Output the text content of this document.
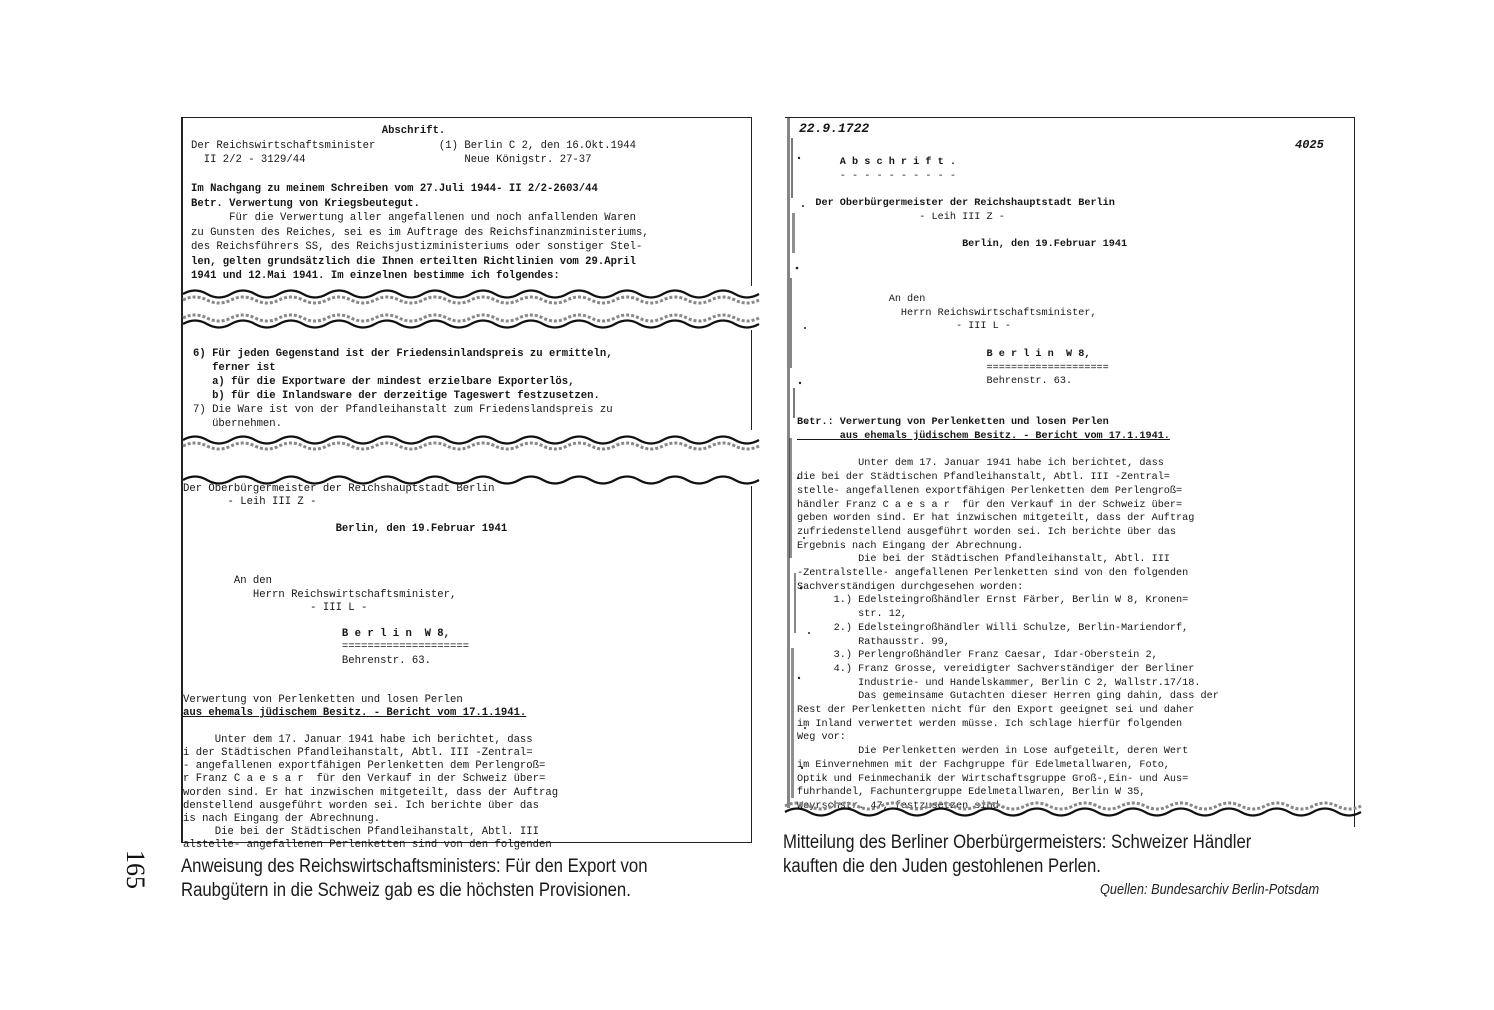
Abschrift.
Der Reichswirtschaftsminister          (1) Berlin C 2, den 16.Okt.1944
II 2/2 - 3129/44                         Neue Königstr. 27-37
Im Nachgang zu meinem Schreiben vom 27.Juli 1944- II 2/2-2603/44
Betr. Verwertung von Kriegsbeutegut.
Für die Verwertung aller angefallenen und noch anfallenden Waren
zu Gunsten des Reiches, sei es im Auftrage des Reichsfinanzministeriums,
des Reichsführers SS, des Reichsjustizministeriums oder sonstiger Stel-
len, gelten grundsätzlich die Ihnen erteilten Richtlinien vom 29.April
1941 und 12.Mai 1941. Im einzelnen bestimme ich folgendes:
6) Für jeden Gegenstand ist der Friedensinlandspreis zu ermitteln,
ferner ist
a) für die Exportware der mindest erzielbare Exporterlös,
b) für die Inlandsware der derzeitige Tageswert festzusetzen.
7) Die Ware ist von der Pfandleihanstalt zum Friedenslandspreis zu
übernehmen.
Der Oberbürgermeister der Reichshauptstadt Berlin
- Leih III Z -
Berlin, den 19.Februar 1941
An den
Herrn Reichswirtschaftsminister,
- III L -
B e r l i n  W 8,
====================
Behrenstr. 63.
Verwertung von Perlenketten und losen Perlen
aus ehemals jüdischem Besitz. - Bericht vom 17.1.1941.
Unter dem 17. Januar 1941 habe ich berichtet, dass
i der Städtischen Pfandleihanstalt, Abtl. III -Zentral=
- angefallenen exportfähigen Perlenketten dem Perlengroß=
r Franz C a e s a r  für den Verkauf in der Schweiz über=
worden sind. Er hat inzwischen mitgeteilt, dass der Auftrag
denstellend ausgeführt worden sei. Ich berichte über das
is nach Eingang der Abrechnung.
Die bei der Städtischen Pfandleihanstalt, Abtl. III
alstelle- angefallenen Perlenketten sind von den folgenden
22.9.1722
4025
A b s c h r i f t .
- - - - - - - - - -
Der Oberbürgermeister der Reichshauptstadt Berlin
- Leih III Z -
Berlin, den 19.Februar 1941
An den
Herrn Reichswirtschaftsminister,
- III L -
B e r l i n  W 8,
====================
Behrenstr. 63.
Betr.: Verwertung von Perlenketten und losen Perlen
aus ehemals jüdischem Besitz. - Bericht vom 17.1.1941.
Unter dem 17. Januar 1941 habe ich berichtet, dass
die bei der Städtischen Pfandleihanstalt, Abtl. III -Zentral=
stelle- angefallenen exportfähigen Perlenketten dem Perlengroß=
händler Franz C a e s a r  für den Verkauf in der Schweiz über=
geben worden sind. Er hat inzwischen mitgeteilt, dass der Auftrag
zufriedenstellend ausgeführt worden sei. Ich berichte über das
Ergebnis nach Eingang der Abrechnung.
Die bei der Städtischen Pfandleihanstalt, Abtl. III
-Zentralstelle- angefallenen Perlenketten sind von den folgenden
Sachverständigen durchgesehen worden:
1.) Edelsteingroßhändler Ernst Färber, Berlin W 8, Kronen=
str. 12,
2.) Edelsteingroßhändler Willi Schulze, Berlin-Mariendorf,
Rathausstr. 99,
3.) Perlengroßhändler Franz Caesar, Idar-Oberstein 2,
4.) Franz Grosse, vereidigter Sachverständiger der Berliner
Industrie- und Handelskammer, Berlin C 2, Wallstr.17/18.
Das gemeinsame Gutachten dieser Herren ging dahin, dass der
Rest der Perlenketten nicht für den Export geeignet sei und daher
im Inland verwertet werden müsse. Ich schlage hierfür folgenden
Weg vor:
Die Perlenketten werden in Lose aufgeteilt, deren Wert
im Einvernehmen mit der Fachgruppe für Edelmetallwaren, Foto,
Optik und Feinmechanik der Wirtschaftsgruppe Groß-,Ein- und Aus=
fuhrhandel, Fachuntergruppe Edelmetallwaren, Berlin W 35,
Woyrschstr. 47, festzusetzen sind.
165 Anweisung des Reichswirtschaftsministers: Für den Export von
Raubgütern in die Schweiz gab es die höchsten Provisionen.
Mitteilung des Berliner Oberbürgermeisters: Schweizer Händler
kauften die den Juden gestohlenen Perlen.
Quellen: Bundesarchiv Berlin-Potsdam
